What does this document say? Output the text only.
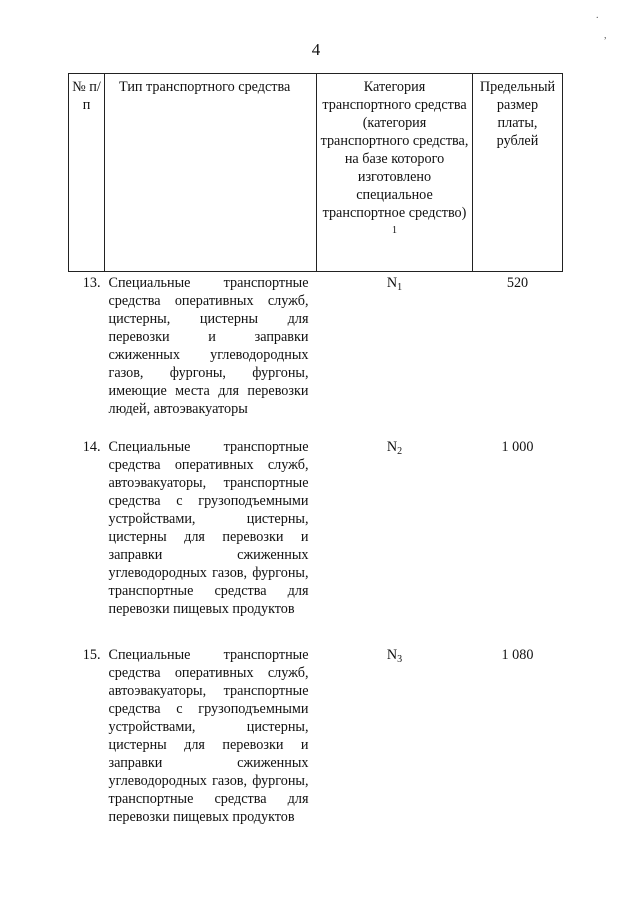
4
№ п/п	Тип транспортного средства	Категория транспортного средства (категория транспортного средства, на базе которого изготовлено специальное транспортное средство) $^1$	Предельный размер платы, рублей
13.	Специальные транспортные средства оперативных служб, цистерны, цистерны для перевозки и заправки сжиженных углеводородных газов, фургоны, фургоны, имеющие места для перевозки людей, автоэвакуаторы	$N_1$	520
14.	Специальные транспортные средства оперативных служб, автоэвакуаторы, транспортные средства с грузоподъемными устройствами, цистерны, цистерны для перевозки и заправки сжиженных углеводородных газов, фургоны, транспортные средства для перевозки пищевых продуктов	$N_2$	1 000
15.	Специальные транспортные средства оперативных служб, автоэвакуаторы, транспортные средства с грузоподъемными устройствами, цистерны, цистерны для перевозки и заправки сжиженных углеводородных газов, фургоны, транспортные средства для перевозки пищевых продуктов	$N_3$	1 080
.
,
